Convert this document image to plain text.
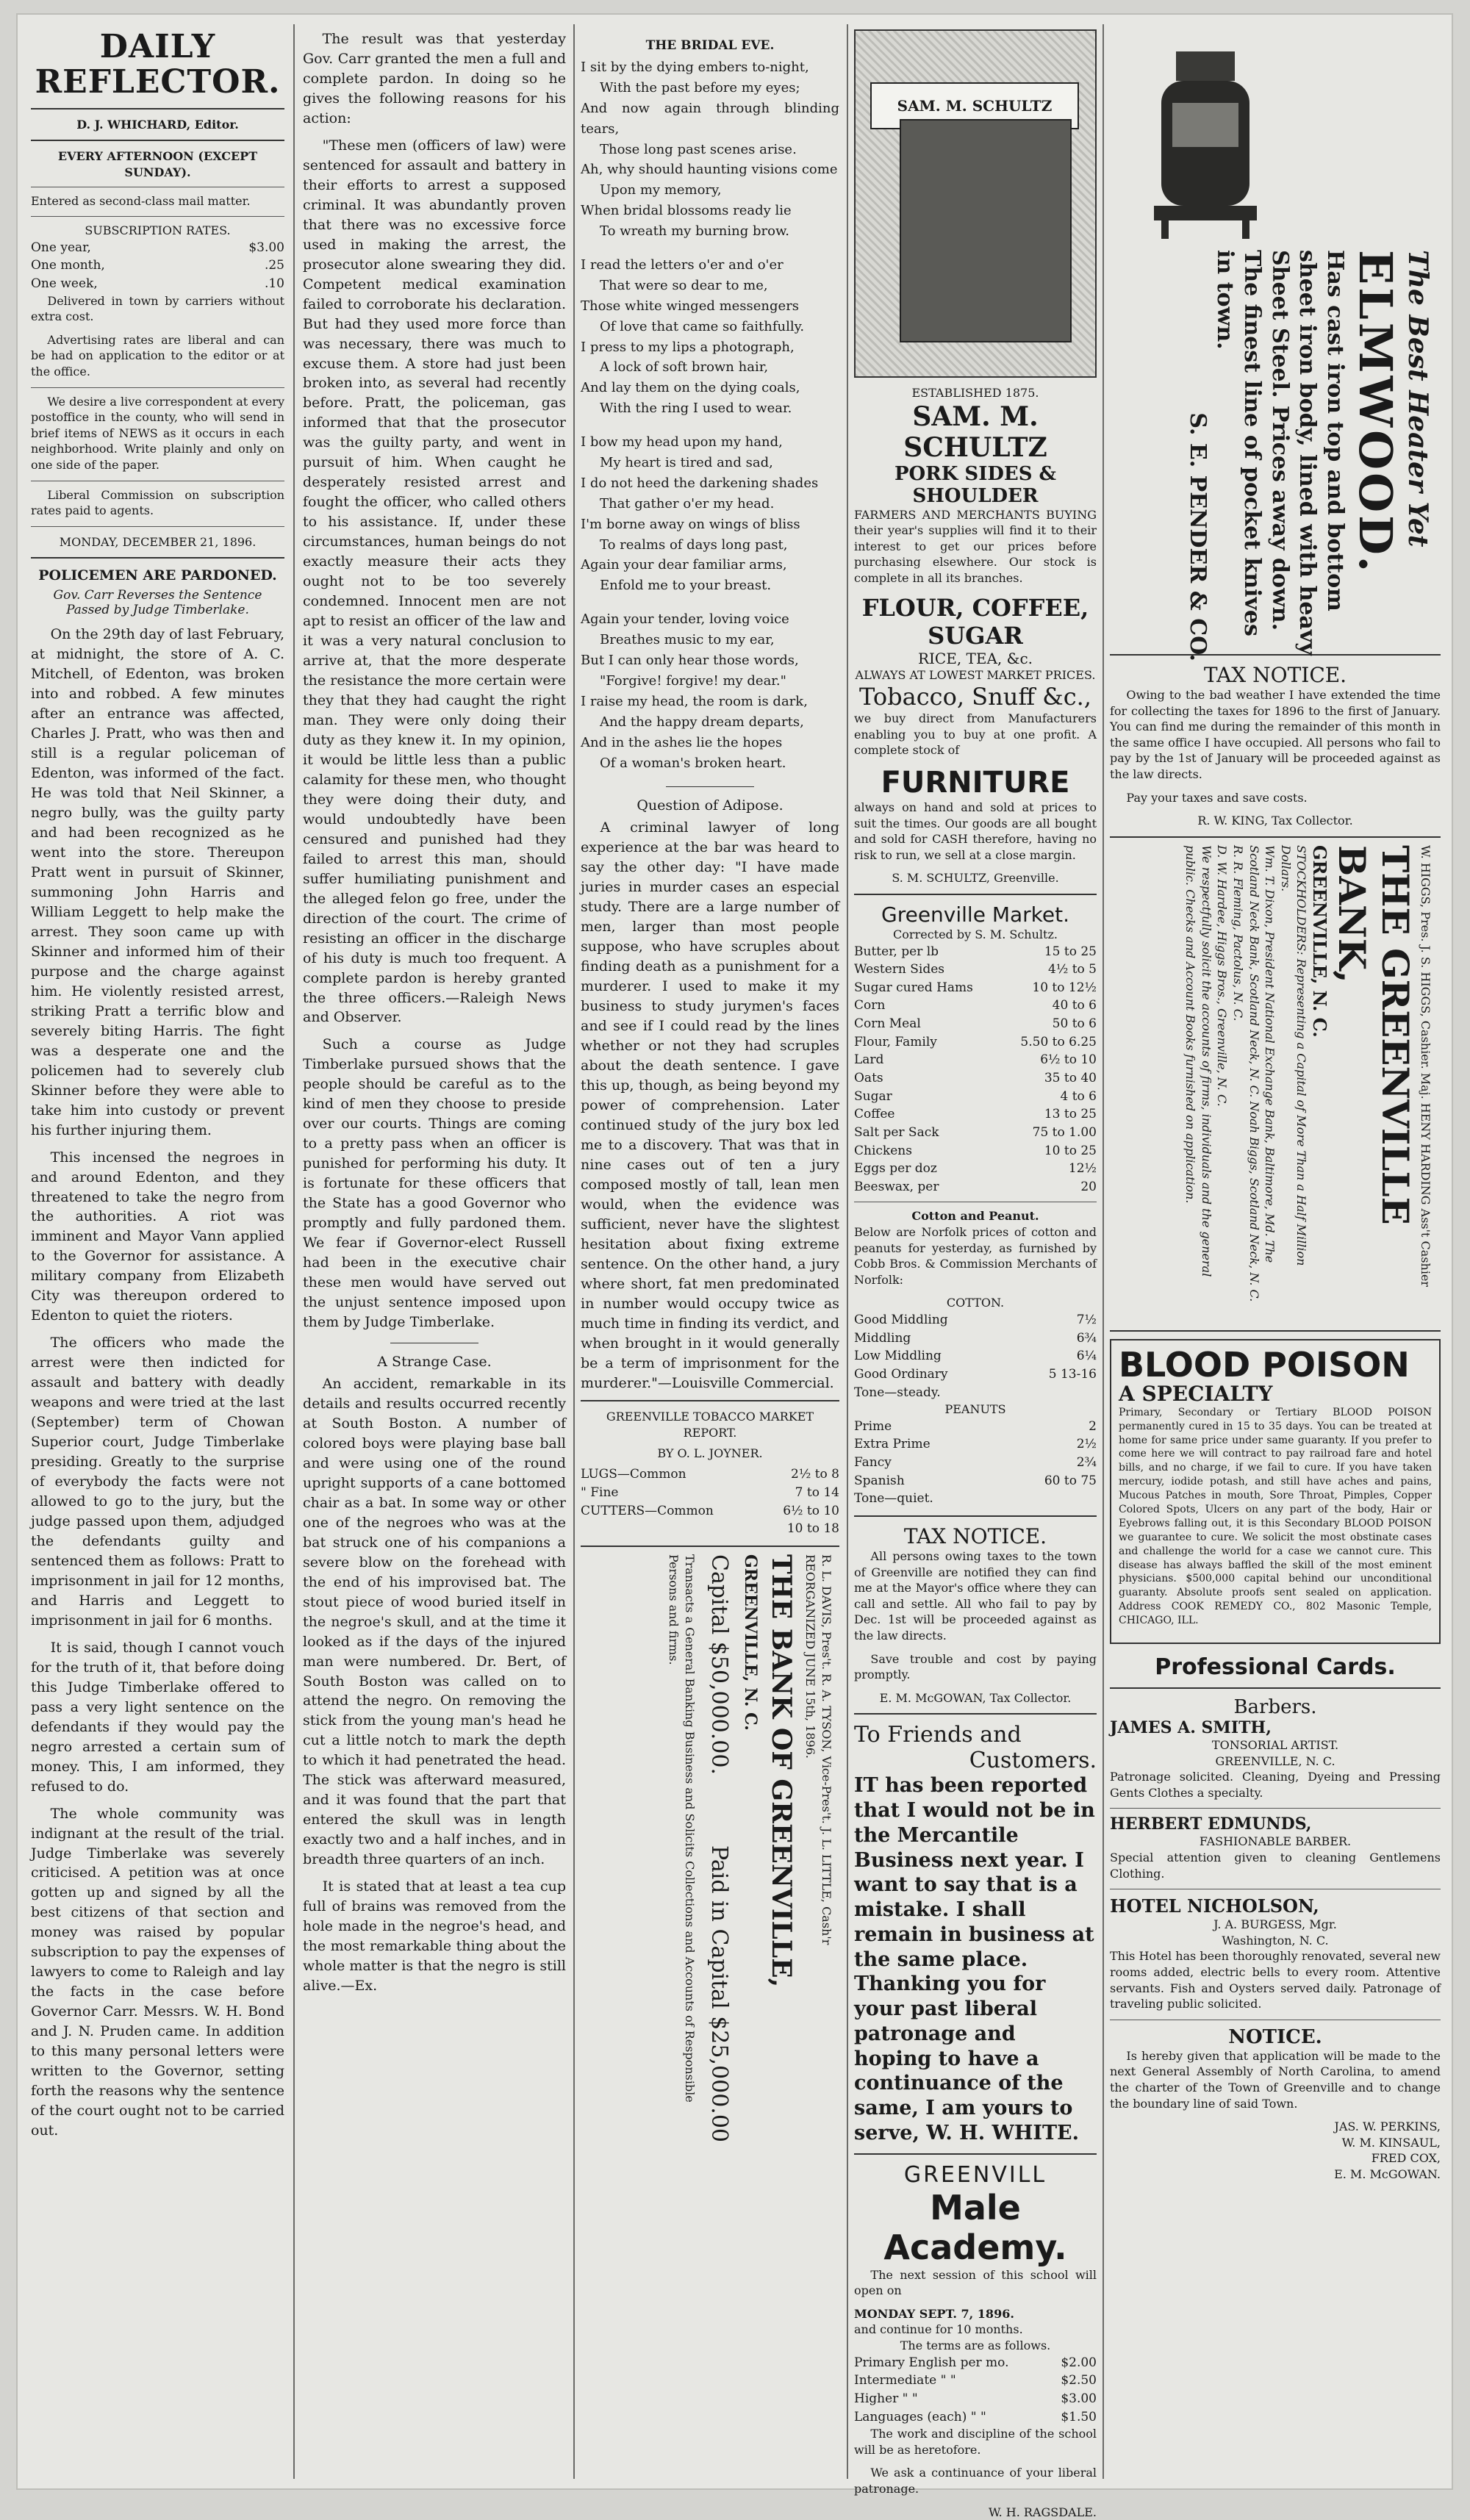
DAILY REFLECTOR.
D. J. WHICHARD, Editor.
EVERY AFTERNOON (EXCEPT SUNDAY).

Entered as second-class mail matter.

SUBSCRIPTION RATES.
One year,	$3.00
One month,	.25
One week,	.10

Delivered in town by carriers without extra cost.

Advertising rates are liberal and can be had on application to the editor or at the office.

We desire a live correspondent at every postoffice in the county, who will send in brief items of NEWS as it occurs in each neighborhood. Write plainly and only on one side of the paper.

Liberal Commission on subscription rates paid to agents.

MONDAY, DECEMBER 21, 1896.
POLICEMEN ARE PARDONED.
Gov. Carr Reverses the Sentence Passed by Judge Timberlake.

On the 29th day of last February, at midnight, the store of A. C. Mitchell, of Edenton, was broken into and robbed. A few minutes after an entrance was affected, Charles J. Pratt, who was then and still is a regular policeman of Edenton, was informed of the fact. He was told that Neil Skinner, a negro bully, was the guilty party and had been recognized as he went into the store. Thereupon Pratt went in pursuit of Skinner, summoning John Harris and William Leggett to help make the arrest. They soon came up with Skinner and informed him of their purpose and the charge against him. He violently resisted arrest, striking Pratt a terrific blow and severely biting Harris. The fight was a desperate one and the policemen had to severely club Skinner before they were able to take him into custody or prevent his further injuring them.

This incensed the negroes in and around Edenton, and they threatened to take the negro from the authorities. A riot was imminent and Mayor Vann applied to the Governor for assistance. A military company from Elizabeth City was thereupon ordered to Edenton to quiet the rioters.

The officers who made the arrest were then indicted for assault and battery with deadly weapons and were tried at the last (September) term of Chowan Superior court, Judge Timberlake presiding. Greatly to the surprise of everybody the facts were not allowed to go to the jury, but the judge passed upon them, adjudged the defendants guilty and sentenced them as follows: Pratt to imprisonment in jail for 12 months, and Harris and Leggett to imprisonment in jail for 6 months.

It is said, though I cannot vouch for the truth of it, that before doing this Judge Timberlake offered to pass a very light sentence on the defendants if they would pay the negro arrested a certain sum of money. This, I am informed, they refused to do.

The whole community was indignant at the result of the trial. Judge Timberlake was severely criticised. A petition was at once gotten up and signed by all the best citizens of that section and money was raised by popular subscription to pay the expenses of lawyers to come to Raleigh and lay the facts in the case before Governor Carr. Messrs. W. H. Bond and J. N. Pruden came. In addition to this many personal letters were written to the Governor, setting forth the reasons why the sentence of the court ought not to be carried out.

The result was that yesterday Gov. Carr granted the men a full and complete pardon. In doing so he gives the following reasons for his action:

"These men (officers of law) were sentenced for assault and battery in their efforts to arrest a supposed criminal. It was abundantly proven that there was no excessive force used in making the arrest, the prosecutor alone swearing they did. Competent medical examination failed to corroborate his declaration. But had they used more force than was necessary, there was much to excuse them. A store had just been broken into, as several had recently before. Pratt, the policeman, gas informed that that the prosecutor was the guilty party, and went in pursuit of him. When caught he desperately resisted arrest and fought the officer, who called others to his assistance. If, under these circumstances, human beings do not exactly measure their acts they ought not to be too severely condemned. Innocent men are not apt to resist an officer of the law and it was a very natural conclusion to arrive at, that the more desperate the resistance the more certain were they that they had caught the right man. They were only doing their duty as they knew it. In my opinion, it would be little less than a public calamity for these men, who thought they were doing their duty, and would undoubtedly have been censured and punished had they failed to arrest this man, should suffer humiliating punishment and the alleged felon go free, under the direction of the court. The crime of resisting an officer in the discharge of his duty is much too frequent. A complete pardon is hereby granted the three officers.—Raleigh News and Observer.

Such a course as Judge Timberlake pursued shows that the people should be careful as to the kind of men they choose to preside over our courts. Things are coming to a pretty pass when an officer is punished for performing his duty. It is fortunate for these officers that the State has a good Governor who promptly and fully pardoned them. We fear if Governor-elect Russell had been in the executive chair these men would have served out the unjust sentence imposed upon them by Judge Timberlake.

A Strange Case.

An accident, remarkable in its details and results occurred recently at South Boston. A number of colored boys were playing base ball and were using one of the round upright supports of a cane bottomed chair as a bat. In some way or other one of the negroes who was at the bat struck one of his companions a severe blow on the forehead with the end of his improvised bat. The stout piece of wood buried itself in the negroe's skull, and at the time it looked as if the days of the injured man were numbered. Dr. Bert, of South Boston was called on to attend the negro. On removing the stick from the young man's head he cut a little notch to mark the depth to which it had penetrated the head. The stick was afterward measured, and it was found that the part that entered the skull was in length exactly two and a half inches, and in breadth three quarters of an inch.

It is stated that at least a tea cup full of brains was removed from the hole made in the negroe's head, and the most remarkable thing about the whole matter is that the negro is still alive.—Ex.

THE BRIDAL EVE.

I sit by the dying embers to-night,

With the past before my eyes;

And now again through blinding tears,

Those long past scenes arise.

Ah, why should haunting visions come

Upon my memory,

When bridal blossoms ready lie

To wreath my burning brow.

I read the letters o'er and o'er

That were so dear to me,

Those white winged messengers

Of love that came so faithfully.

I press to my lips a photograph,

A lock of soft brown hair,

And lay them on the dying coals,

With the ring I used to wear.

I bow my head upon my hand,

My heart is tired and sad,

I do not heed the darkening shades

That gather o'er my head.

I'm borne away on wings of bliss

To realms of days long past,

Again your dear familiar arms,

Enfold me to your breast.

Again your tender, loving voice

Breathes music to my ear,

But I can only hear those words,

"Forgive! forgive! my dear."

I raise my head, the room is dark,

And the happy dream departs,

And in the ashes lie the hopes

Of a woman's broken heart.

Question of Adipose.

A criminal lawyer of long experience at the bar was heard to say the other day: "I have made juries in murder cases an especial study. There are a large number of men, larger than most people suppose, who have scruples about finding death as a punishment for a murderer. I used to make it my business to study jurymen's faces and see if I could read by the lines whether or not they had scruples about the death sentence. I gave this up, though, as being beyond my power of comprehension. Later continued study of the jury box led me to a discovery. That was that in nine cases out of ten a jury composed mostly of tall, lean men would, when the evidence was sufficient, never have the slightest hesitation about fixing extreme sentence. On the other hand, a jury where short, fat men predominated in number would occupy twice as much time in finding its verdict, and when brought in it would generally be a term of imprisonment for the murderer."—Louisville Commercial.

GREENVILLE TOBACCO MARKET REPORT.
BY O. L. JOYNER.
LUGS—Common	2½ to 8
" Fine	7 to 14
CUTTERS—Common	6½ to 10
10 to 18
R. L. DAVIS, Pres't. R. A. TYSON, Vice-Pres't. J. L. LITTLE, Cash'r
REORGANIZED JUNE 15th, 1896.
THE BANK OF GREENVILLE,
GREENVILLE, N. C.
Capital $50,000.00.
Paid in Capital $25,000.00
Transacts a General Banking Business and Solicits Collections and Accounts of Responsible Persons and firms.
SAM. M. SCHULTZ
ESTABLISHED 1875.
SAM. M. SCHULTZ
PORK SIDES & SHOULDER

FARMERS AND MERCHANTS BUYING their year's supplies will find it to their interest to get our prices before purchasing elsewhere. Our stock is complete in all its branches.

FLOUR, COFFEE, SUGAR
RICE, TEA, &c.
ALWAYS AT LOWEST MARKET PRICES.
Tobacco, Snuff &c.,

we buy direct from Manufacturers enabling you to buy at one profit. A complete stock of

FURNITURE

always on hand and sold at prices to suit the times. Our goods are all bought and sold for CASH therefore, having no risk to run, we sell at a close margin.

S. M. SCHULTZ, Greenville.
Greenville Market.
Corrected by S. M. Schultz.
Butter, per lb	15 to 25
Western Sides	4½ to 5
Sugar cured Hams	10 to 12½
Corn	40 to 6
Corn Meal	50 to 6
Flour, Family	5.50 to 6.25
Lard	6½ to 10
Oats	35 to 40
Sugar	4 to 6
Coffee	13 to 25
Salt per Sack	75 to 1.00
Chickens	10 to 25
Eggs per doz	12½
Beeswax, per	20
Cotton and Peanut.

Below are Norfolk prices of cotton and peanuts for yesterday, as furnished by Cobb Bros. & Commission Merchants of Norfolk:

COTTON.
Good Middling	7½
Middling	6¾
Low Middling	6¼
Good Ordinary	5 13-16
Tone—steady.
PEANUTS
Prime	2
Extra Prime	2½
Fancy	2¾
Spanish	60 to 75
Tone—quiet.
TAX NOTICE.

All persons owing taxes to the town of Greenville are notified they can find me at the Mayor's office where they can call and settle. All who fail to pay by Dec. 1st will be proceeded against as the law directs.

Save trouble and cost by paying promptly.

E. M. McGOWAN, Tax Collector.
To Friends and
Customers.

IT has been reported that I would not be in the Mercantile Business next year. I want to say that is a mistake. I shall remain in business at the same place. Thanking you for your past liberal patronage and hoping to have a continuance of the same, I am yours to serve, W. H. WHITE.

GREENVILL
Male Academy.

The next session of this school will open on

MONDAY SEPT. 7, 1896.
and continue for 10 months.
The terms are as follows.
Primary English per mo.	$2.00
Intermediate " "	$2.50
Higher " "	$3.00
Languages (each) " "	$1.50

The work and discipline of the school will be as heretofore.

We ask a continuance of your liberal patronage.

W. H. RAGSDALE.
The Best Heater Yet
ELMWOOD.
Has cast iron top and bottom sheet iron body, lined with heavy Sheet Steel. Prices away down. The finest line of pocket knives in town.
S. E. PENDER & CO.
TAX NOTICE.

Owing to the bad weather I have extended the time for collecting the taxes for 1896 to the first of January. You can find me during the remainder of this month in the same office I have occupied. All persons who fail to pay by the 1st of January will be proceeded against as the law directs.

Pay your taxes and save costs.

R. W. KING, Tax Collector.
W. HIGGS, Pres. J. S. HIGGS, Cashier. Maj. HENY HARDING Ass't Cashier
THE GREENVILLE BANK,
GREENVILLE, N. C.
STOCKHOLDERS: Representing a Capital of More Than a Half Million Dollars.
Wm. T. Dixon, President National Exchange Bank, Baltimore, Md. The Scotland Neck Bank, Scotland Neck, N. C. Noah Biggs, Scotland Neck, N. C. R. R. Fleming, Pactolus, N. C.
D. W. Hardee, Higgs Bros., Greenville, N. C.
We respectfully solicit the accounts of firms, individuals and the general public. Checks and Account Books furnished on application.
BLOOD POISON
A SPECIALTY

Primary, Secondary or Tertiary BLOOD POISON permanently cured in 15 to 35 days. You can be treated at home for same price under same guaranty. If you prefer to come here we will contract to pay railroad fare and hotel bills, and no charge, if we fail to cure. If you have taken mercury, iodide potash, and still have aches and pains, Mucous Patches in mouth, Sore Throat, Pimples, Copper Colored Spots, Ulcers on any part of the body, Hair or Eyebrows falling out, it is this Secondary BLOOD POISON we guarantee to cure. We solicit the most obstinate cases and challenge the world for a case we cannot cure. This disease has always baffled the skill of the most eminent physicians. $500,000 capital behind our unconditional guaranty. Absolute proofs sent sealed on application. Address COOK REMEDY CO., 802 Masonic Temple, CHICAGO, ILL.

Professional Cards.
Barbers.
JAMES A. SMITH,
TONSORIAL ARTIST.
GREENVILLE, N. C.

Patronage solicited. Cleaning, Dyeing and Pressing Gents Clothes a specialty.

HERBERT EDMUNDS,
FASHIONABLE BARBER.

Special attention given to cleaning Gentlemens Clothing.

HOTEL NICHOLSON,
J. A. BURGESS, Mgr.
Washington, N. C.

This Hotel has been thoroughly renovated, several new rooms added, electric bells to every room. Attentive servants. Fish and Oysters served daily. Patronage of traveling public solicited.

NOTICE.

Is hereby given that application will be made to the next General Assembly of North Carolina, to amend the charter of the Town of Greenville and to change the boundary line of said Town.

JAS. W. PERKINS,
W. M. KINSAUL,
FRED COX,
E. M. McGOWAN.
